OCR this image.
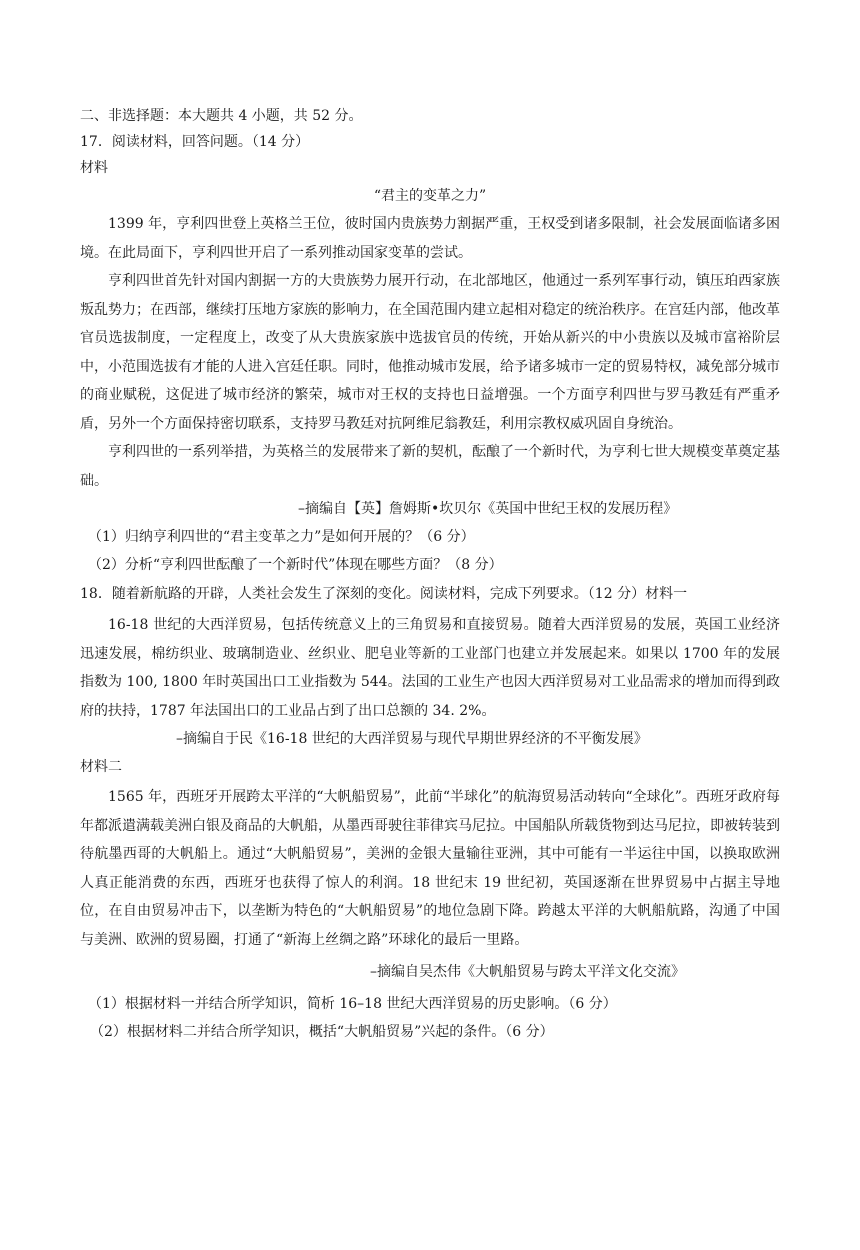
二、非选择题：本大题共 4 小题，共 52 分。

17．阅读材料，回答问题。（14 分）

材料

“君主的变革之力”

1399 年，亨利四世登上英格兰王位，彼时国内贵族势力割据严重，王权受到诸多限制，社会发展面临诸多困境。在此局面下，亨利四世开启了一系列推动国家变革的尝试。

亨利四世首先针对国内割据一方的大贵族势力展开行动，在北部地区，他通过一系列军事行动，镇压珀西家族叛乱势力；在西部，继续打压地方家族的影响力，在全国范围内建立起相对稳定的统治秩序。在宫廷内部，他改革官员选拔制度，一定程度上，改变了从大贵族家族中选拔官员的传统，开始从新兴的中小贵族以及城市富裕阶层中，小范围选拔有才能的人进入宫廷任职。同时，他推动城市发展，给予诸多城市一定的贸易特权，减免部分城市的商业赋税，这促进了城市经济的繁荣，城市对王权的支持也日益增强。一个方面亨利四世与罗马教廷有严重矛盾，另外一个方面保持密切联系，支持罗马教廷对抗阿维尼翁教廷，利用宗教权威巩固自身统治。

亨利四世的一系列举措，为英格兰的发展带来了新的契机，酝酿了一个新时代，为亨利七世大规模变革奠定基础。

–摘编自【英】詹姆斯•坎贝尔《英国中世纪王权的发展历程》

（1）归纳亨利四世的“君主变革之力”是如何开展的？（6 分）

（2）分析“亨利四世酝酿了一个新时代”体现在哪些方面？（8 分）

18．随着新航路的开辟，人类社会发生了深刻的变化。阅读材料，完成下列要求。（12 分）材料一

16-18 世纪的大西洋贸易，包括传统意义上的三角贸易和直接贸易。随着大西洋贸易的发展，英国工业经济迅速发展，棉纺织业、玻璃制造业、丝织业、肥皂业等新的工业部门也建立并发展起来。如果以 1700 年的发展指数为 100, 1800 年时英国出口工业指数为 544。法国的工业生产也因大西洋贸易对工业品需求的增加而得到政府的扶持，1787 年法国出口的工业品占到了出口总额的 34. 2%。

–摘编自于民《16-18 世纪的大西洋贸易与现代早期世界经济的不平衡发展》

材料二

1565 年，西班牙开展跨太平洋的“大帆船贸易”，此前“半球化”的航海贸易活动转向“全球化”。西班牙政府每年都派遣满载美洲白银及商品的大帆船，从墨西哥驶往菲律宾马尼拉。中国船队所载货物到达马尼拉，即被转装到待航墨西哥的大帆船上。通过“大帆船贸易”，美洲的金银大量输往亚洲，其中可能有一半运往中国，以换取欧洲人真正能消费的东西，西班牙也获得了惊人的利润。18 世纪末 19 世纪初，英国逐渐在世界贸易中占据主导地位，在自由贸易冲击下，以垄断为特色的“大帆船贸易”的地位急剧下降。跨越太平洋的大帆船航路，沟通了中国与美洲、欧洲的贸易圈，打通了“新海上丝绸之路”环球化的最后一里路。

–摘编自吴杰伟《大帆船贸易与跨太平洋文化交流》

（1）根据材料一并结合所学知识，简析 16–18 世纪大西洋贸易的历史影响。（6 分）

（2）根据材料二并结合所学知识，概括“大帆船贸易”兴起的条件。（6 分）
